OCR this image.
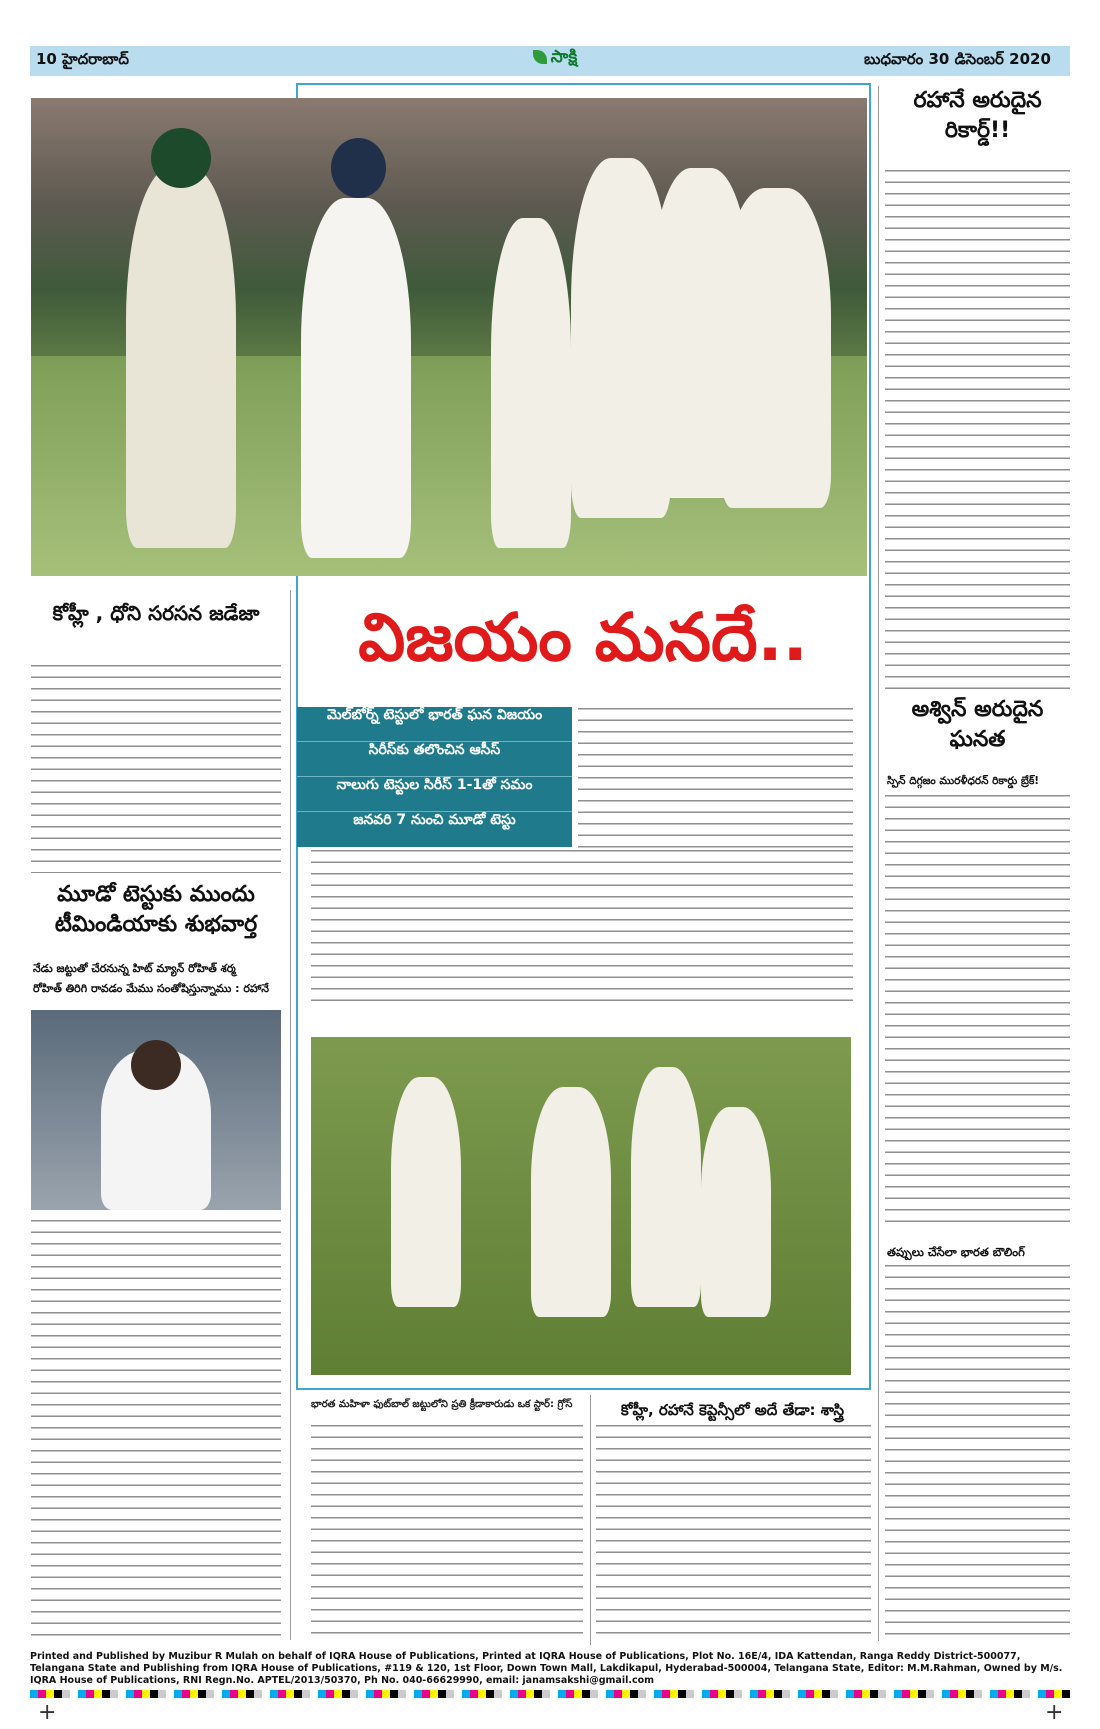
10 హైదరాబాద్	సాక్షి	బుధవారం 30 డిసెంబర్ 2020
విజయం మనదే..
మెల్‌బోర్న్ టెస్టులో భారత్ ఘన విజయం
సిరీస్‌కు తలొంచిన ఆసీస్
నాలుగు టెస్టుల సిరీస్ 1-1తో సమం
జనవరి 7 నుంచి మూడో టెస్టు
కోహ్లీ , ధోని సరసన జడేజా
మూడో టెస్టుకు ముందు టీమిండియాకు శుభవార్త
నేడు జట్టుతో చేరనున్న హిట్ మ్యాన్ రోహిత్ శర్మ
రోహిత్ తిరిగి రావడం మేము సంతోషిస్తున్నాము : రహానే
రహానే అరుదైన రికార్డ్!!
అశ్విన్ అరుదైన ఘనత
స్పిన్ దిగ్గజం మురళీధరన్ రికార్డు బ్రేక్!
తప్పులు చేసేలా భారత బౌలింగ్
భారత మహిళా ఫుట్‌బాల్ జట్టులోని ప్రతి క్రీడాకారుడు ఒక స్టార్: గ్రోస్	కోహ్లీ, రహానే కెప్టెన్సీలో అదే తేడా: శాస్త్రి
Printed and Published by Muzibur R Mulah on behalf of IQRA House of Publications, Printed at IQRA House of Publications, Plot No. 16E/4, IDA Kattendan, Ranga Reddy District-500077, Telangana State and Publishing from IQRA House of Publications, #119 & 120, 1st Floor, Down Town Mall, Lakdikapul, Hyderabad-500004, Telangana State, Editor: M.M.Rahman, Owned by M/s. IQRA House of Publications, RNI Regn.No. APTEL/2013/50370, Ph No. 040-66629990, email: janamsakshi@gmail.com
+	+
